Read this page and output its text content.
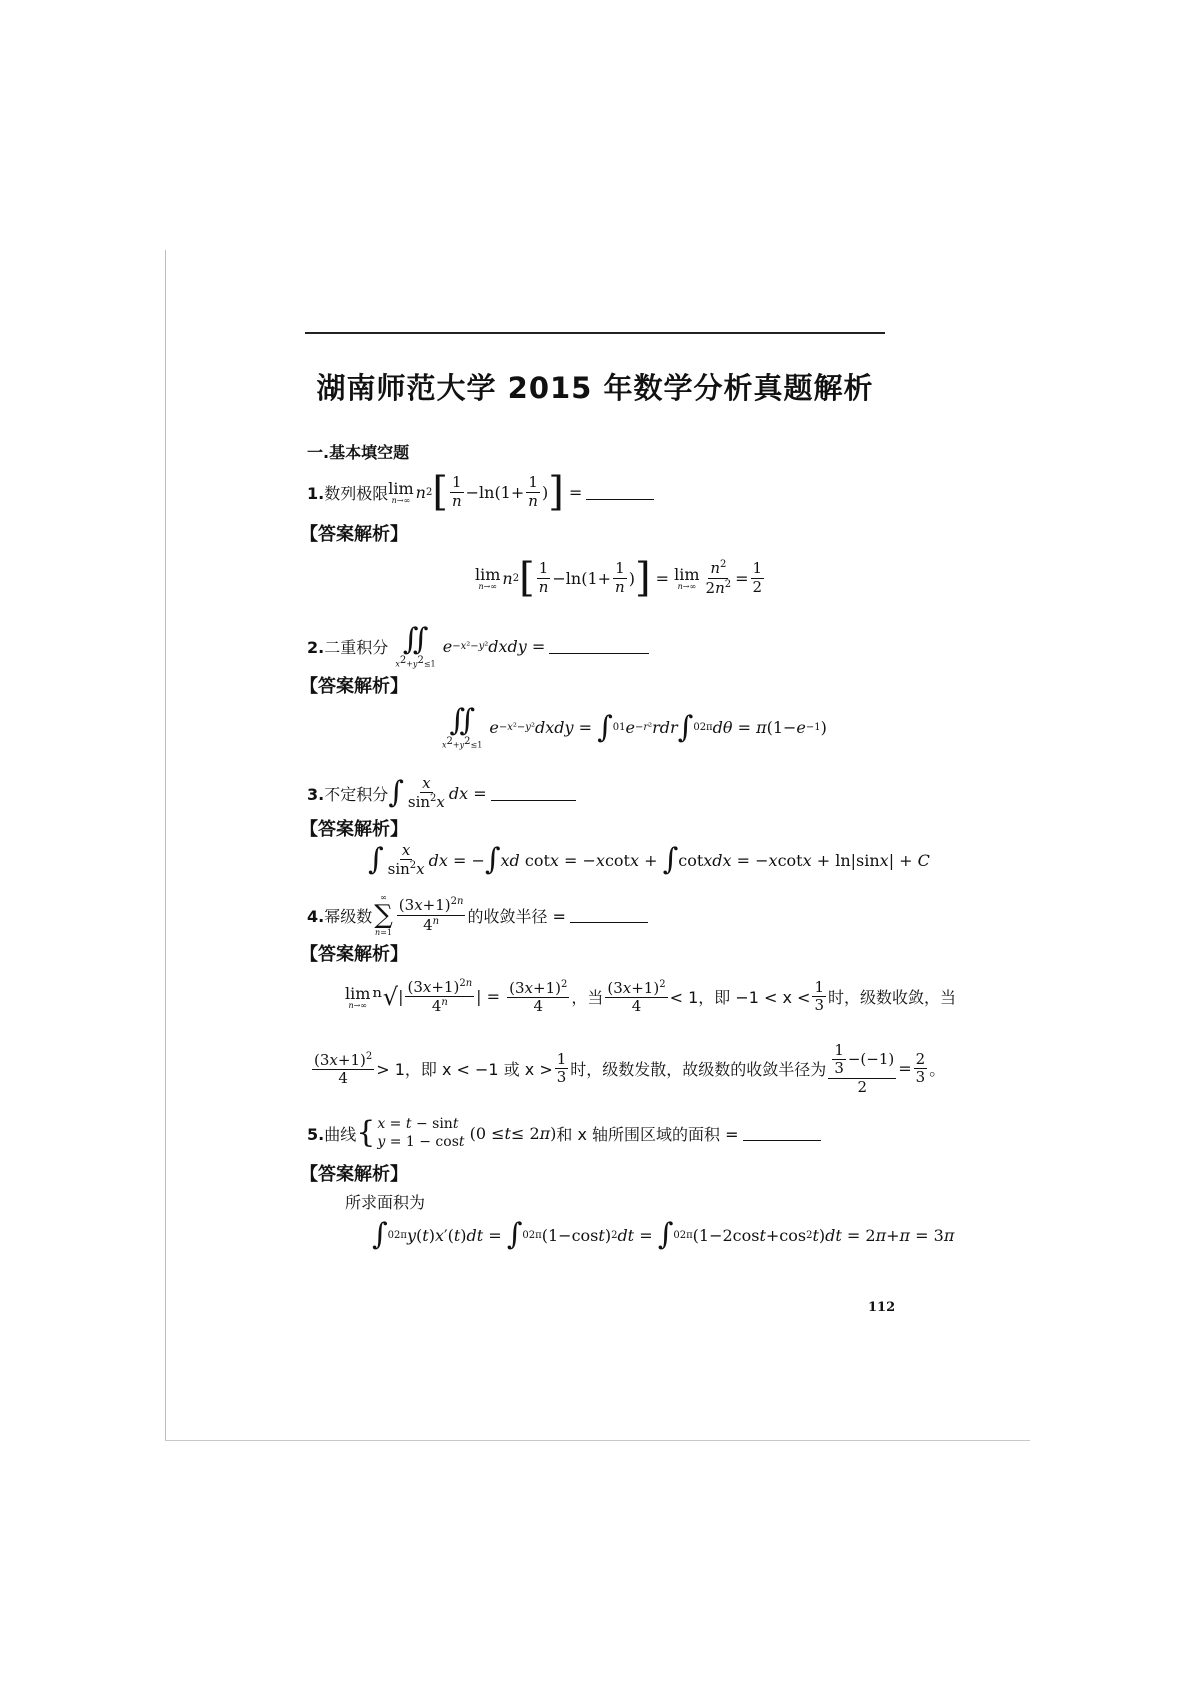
湖南师范大学 2015 年数学分析真题解析
一.基本填空题
1.数列极限 lim
n→∞ n 2 [ $\frac{1}{n} -\ln(1+ \frac{1}{n}$ ) ] =
【答案解析】
lim
n→∞ n 2 [ $\frac{1}{n} -\ln(1+ \frac{1}{n}$ ) ] = lim
$n\to\infty \frac{n^2}{2n^2} = \frac{1}{2}$
2.二重积分
∬
$x^2+y^2\le 1$

e −x²−y² dxdy =
【答案解析】
∬
$x^2+y^2\le 1$

e −x²−y² dxdy = ∫ 0 1 e −r² rdr ∫ 0 2π dθ = π (1− e −1 )
3.不定积分 ∫ $\frac{x}{\sin^2x}$ dx =
【答案解析】
∫ $\frac{x}{\sin^2x}$ dx = − ∫ xd cot x = − x cot x + ∫ cot xdx = − x cot x + ln|sin x | + C
4.幂级数
∞
∑
$n=1 \frac{(3x+1)^{2n}}{4^n}$ 的收敛半径 =
【答案解析】
lim
n→∞ ⁿ√ | $\frac{(3x+1)^{2n}}{4^n}$ | = $\frac{(3x+1)^2}{4}$ ，当 $\frac{(3x+1)^2}{4} < 1$，即 $-1 < x < \frac{1}{3}$ 时，级数收敛，当
$\frac{(3x+1)^2}{4} > 1$，即 x < −1 或 $x > \frac{1}{3}$ 时，级数发散，故级数的收敛半径为 $\frac{\frac{1}{3} -(-1)}{2} = \frac{2}{3}$ 。
5.曲线 { x = t − sint
y = 1 − cost (0 ≤ t ≤ 2 π ) 和 x 轴所围区域的面积 =
【答案解析】
所求面积为
∫ 0 2π y ( t ) x ′( t ) dt = ∫ 0 2π (1−cos t ) 2 dt = ∫ 0 2π (1−2cos t +cos 2 t ) dt = 2 π + π = 3 π
112
